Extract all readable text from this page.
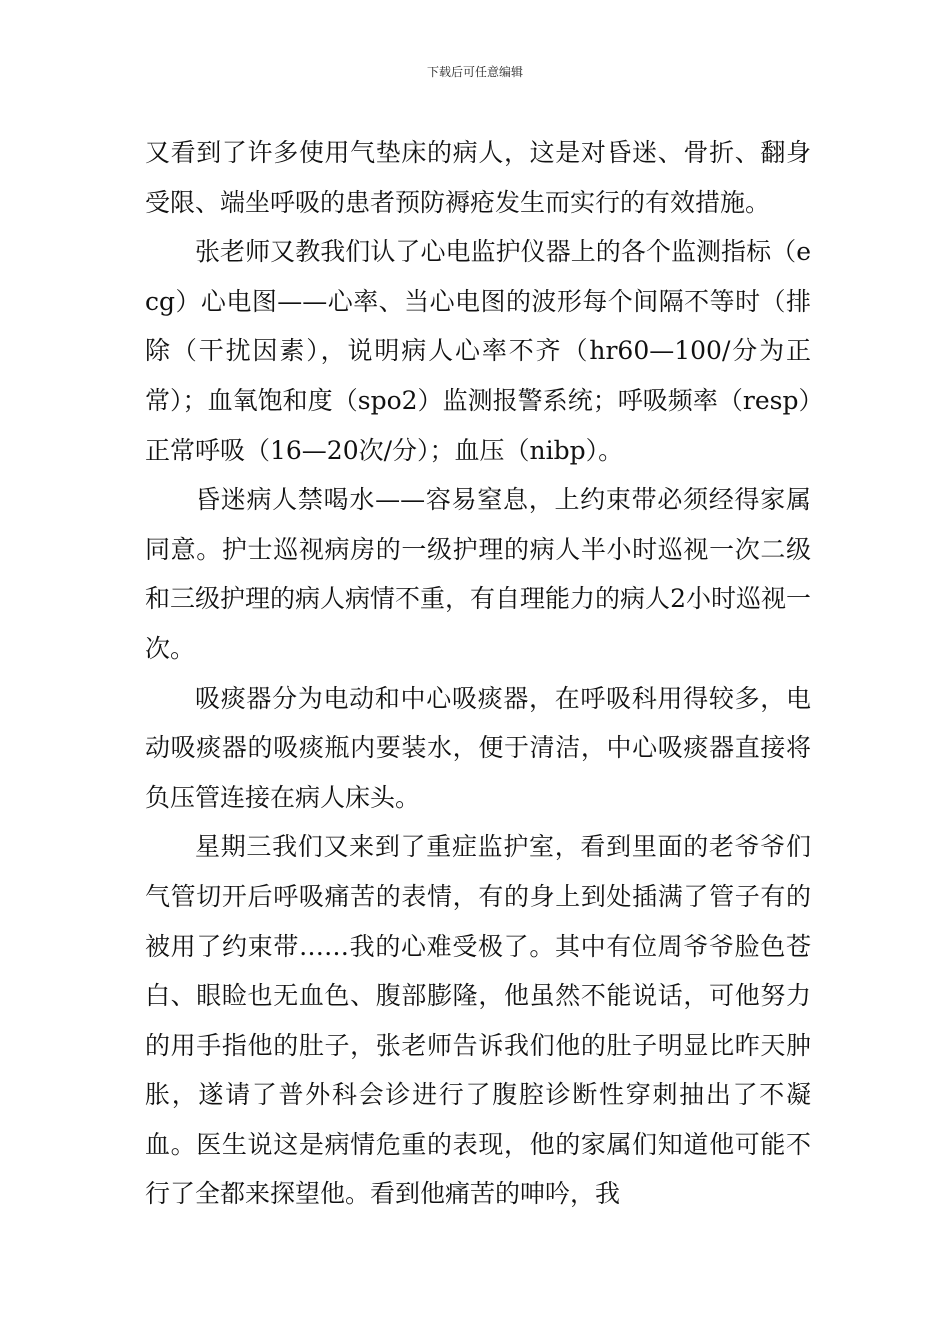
下载后可任意编辑

又看到了许多使用气垫床的病人，这是对昏迷、骨折、翻身受限、端坐呼吸的患者预防褥疮发生而实行的有效措施。

张老师又教我们认了心电监护仪器上的各个监测指标（ecg）心电图——心率、当心电图的波形每个间隔不等时（排除（干扰因素），说明病人心率不齐（hr60—100/分为正常）；血氧饱和度（spo2）监测报警系统；呼吸频率（resp）正常呼吸（16—20次/分）；血压（nibp）。

昏迷病人禁喝水——容易窒息，上约束带必须经得家属同意。护士巡视病房的一级护理的病人半小时巡视一次二级和三级护理的病人病情不重，有自理能力的病人2小时巡视一次。

吸痰器分为电动和中心吸痰器，在呼吸科用得较多，电动吸痰器的吸痰瓶内要装水，便于清洁，中心吸痰器直接将负压管连接在病人床头。

星期三我们又来到了重症监护室，看到里面的老爷爷们气管切开后呼吸痛苦的表情，有的身上到处插满了管子有的被用了约束带……我的心难受极了。其中有位周爷爷脸色苍白、眼睑也无血色、腹部膨隆，他虽然不能说话，可他努力的用手指他的肚子，张老师告诉我们他的肚子明显比昨天肿胀，遂请了普外科会诊进行了腹腔诊断性穿刺抽出了不凝血。医生说这是病情危重的表现，他的家属们知道他可能不行了全都来探望他。看到他痛苦的呻吟，我
